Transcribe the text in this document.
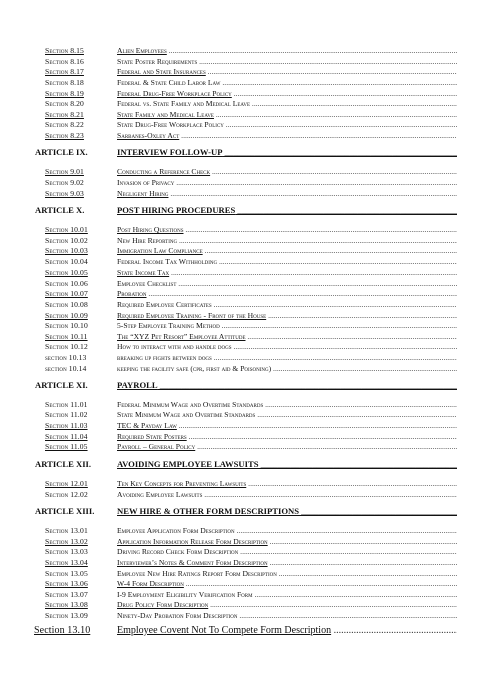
Section 8.15	Alien Employees .....
Section 8.16	State Poster Requirements .....
Section 8.17	Federal and State Insurances .....
Section 8.18	Federal & State Child Labor Law .....
Section 8.19	Federal Drug-Free Workplace Policy .....
Section 8.20	Federal vs. State Family and Medical Leave .....
Section 8.21	State Family and Medical Leave .....
Section 8.22	State Drug-Free Workplace Policy .....
Section 8.23	Sarbanes-Oxley Act .....
ARTICLE IX.	INTERVIEW FOLLOW-UP _____
Section 9.01	Conducting a Reference Check .....
Section 9.02	Invasion of Privacy .....
Section 9.03	Negligent Hiring .....
ARTICLE X.	POST HIRING PROCEDURES _____
Section 10.01	Post Hiring Questions .....
Section 10.02	New Hire Reporting .....
Section 10.03	Immigration Law Compliance .....
Section 10.04	Federal Income Tax Withholding .....
Section 10.05	State Income Tax .....
Section 10.06	Employee Checklist .....
Section 10.07	Probation .....
Section 10.08	Required Employee Certificates .....
Section 10.09	Required Employee Training - Front of the House .....
Section 10.10	5-Step Employee Training Method .....
Section 10.11	The “XYZ Pet Resort” Employee Attitude .....
Section 10.12	How to interact with and handle dogs .....
section 10.13	breaking up fights between dogs .....
section 10.14	keeping the facility safe (cpr, first aid & Poisoning) .....
ARTICLE XI.	PAYROLL _____
Section 11.01	Federal Minimum Wage and Overtime Standards .....
Section 11.02	State Minimum Wage and Overtime Standards .....
Section 11.03	TEC & Payday Law .....
Section 11.04	Required State Posters .....
Section 11.05	Payroll – General Policy .....
ARTICLE XII.	AVOIDING EMPLOYEE LAWSUITS _____
Section 12.01	Ten Key Concepts for Preventing Lawsuits .....
Section 12.02	Avoiding Employee Lawsuits .....
ARTICLE XIII.	NEW HIRE & OTHER FORM DESCRIPTIONS _____
Section 13.01	Employee Application Form Description .....
Section 13.02	Application Information Release Form Description .....
Section 13.03	Driving Record Check Form Description .....
Section 13.04	Interviewer’s Notes & Comment Form Description .....
Section 13.05	Employee New Hire Ratings Report Form Description .....
Section 13.06	W-4 Form Description .....
Section 13.07	I-9 Employment Eligibility Verification Form .....
Section 13.08	Drug Policy Form Description .....
Section 13.09	Ninety-Day Probation Form Description .....
Section 13.10	Employee Covent Not To Compete Form Description .....
